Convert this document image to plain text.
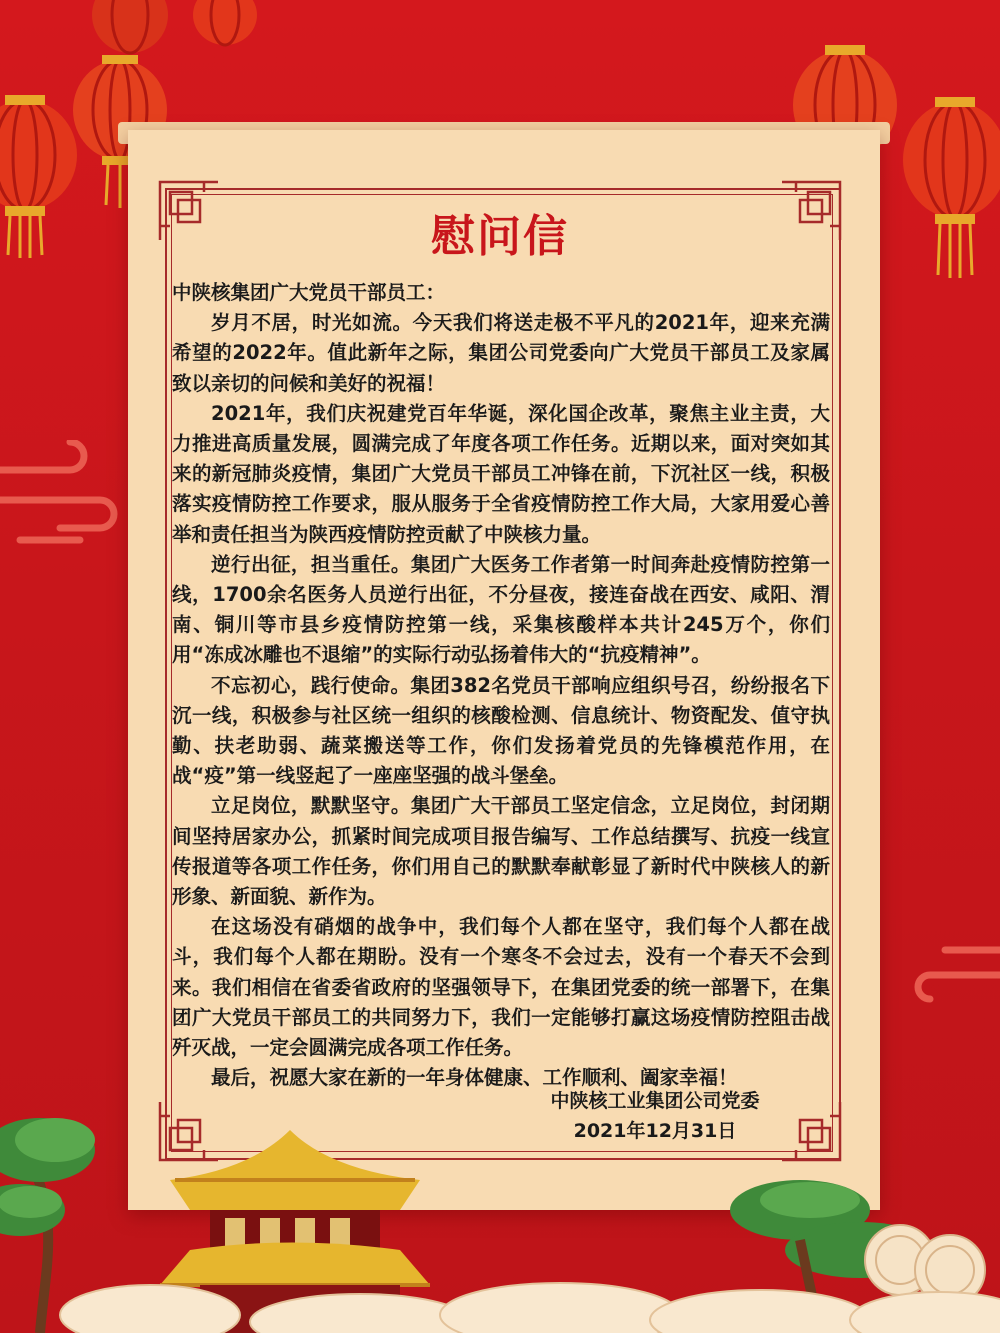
慰问信

中陕核集团广大党员干部员工：

岁月不居，时光如流。今天我们将送走极不平凡的2021年，迎来充满希望的2022年。值此新年之际，集团公司党委向广大党员干部员工及家属致以亲切的问候和美好的祝福！

2021年，我们庆祝建党百年华诞，深化国企改革，聚焦主业主责，大力推进高质量发展，圆满完成了年度各项工作任务。近期以来，面对突如其来的新冠肺炎疫情，集团广大党员干部员工冲锋在前，下沉社区一线，积极落实疫情防控工作要求，服从服务于全省疫情防控工作大局，大家用爱心善举和责任担当为陕西疫情防控贡献了中陕核力量。

逆行出征，担当重任。集团广大医务工作者第一时间奔赴疫情防控第一线，1700余名医务人员逆行出征，不分昼夜，接连奋战在西安、咸阳、渭南、铜川等市县乡疫情防控第一线，采集核酸样本共计245万个，你们用“冻成冰雕也不退缩”的实际行动弘扬着伟大的“抗疫精神”。

不忘初心，践行使命。集团382名党员干部响应组织号召，纷纷报名下沉一线，积极参与社区统一组织的核酸检测、信息统计、物资配发、值守执勤、扶老助弱、蔬菜搬送等工作，你们发扬着党员的先锋模范作用，在战“疫”第一线竖起了一座座坚强的战斗堡垒。

立足岗位，默默坚守。集团广大干部员工坚定信念，立足岗位，封闭期间坚持居家办公，抓紧时间完成项目报告编写、工作总结撰写、抗疫一线宣传报道等各项工作任务，你们用自己的默默奉献彰显了新时代中陕核人的新形象、新面貌、新作为。

在这场没有硝烟的战争中，我们每个人都在坚守，我们每个人都在战斗，我们每个人都在期盼。没有一个寒冬不会过去，没有一个春天不会到来。我们相信在省委省政府的坚强领导下，在集团党委的统一部署下，在集团广大党员干部员工的共同努力下，我们一定能够打赢这场疫情防控阻击战歼灭战，一定会圆满完成各项工作任务。

最后，祝愿大家在新的一年身体健康、工作顺利、阖家幸福！

中陕核工业集团公司党委
2021年12月31日
